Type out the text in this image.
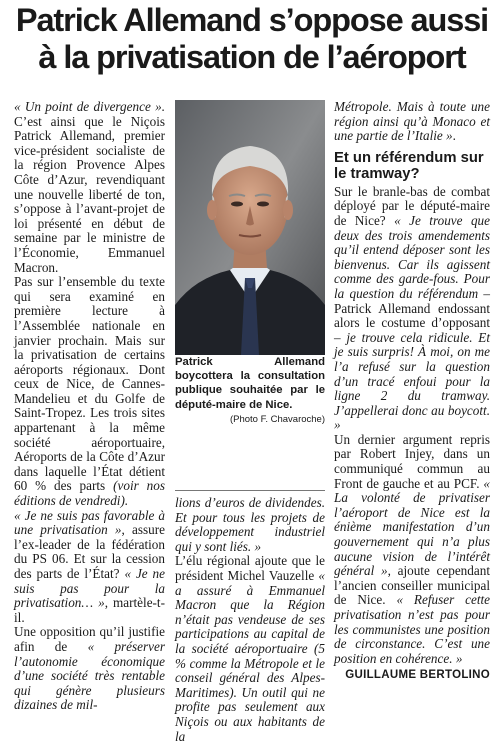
Patrick Allemand s’oppose aussi
à la privatisation de l’aéroport

« Un point de divergence ». C’est ainsi que le Niçois Patrick Allemand, premier vice-président socialiste de la région Provence Alpes Côte d’Azur, revendiquant une nouvelle liberté de ton, s’oppose à l’avant-projet de loi présenté en début de semaine par le ministre de l’Économie, Emmanuel Macron.

Pas sur l’ensemble du texte qui sera examiné en première lecture à l’Assemblée nationale en janvier prochain. Mais sur la privatisation de certains aéroports régionaux. Dont ceux de Nice, de Cannes-Mandelieu et du Golfe de Saint-Tropez. Les trois sites appartenant à la même société aéroportuaire, Aéroports de la Côte d’Azur dans laquelle l’État détient 60 % des parts (voir nos éditions de vendredi).

« Je ne suis pas favorable à une privatisation », assure l’ex-leader de la fédération du PS 06. Et sur la cession des parts de l’État? « Je ne suis pas pour la privatisation… », martèle-t-il.

Une opposition qu’il justifie afin de « préserver l’autonomie économique d’une société très rentable qui génère plusieurs dizaines de mil-

Patrick Allemand boycottera la consultation publique souhaitée par le député-maire de Nice.

(Photo F. Chavaroche)

lions d’euros de dividendes. Et pour tous les projets de développement industriel qui y sont liés. »

L’élu régional ajoute que le président Michel Vauzelle « a assuré à Emmanuel Macron que la Région n’était pas vendeuse de ses participations au capital de la société aéroportuaire (5 % comme la Métropole et le conseil général des Alpes-Maritimes). Un outil qui ne profite pas seulement aux Niçois ou aux habitants de la

Métropole. Mais à toute une région ainsi qu’à Monaco et une partie de l’Italie ».

Et un référendum sur le tramway?

Sur le branle-bas de combat déployé par le député-maire de Nice? « Je trouve que deux des trois amendements qu’il entend déposer sont les bienvenus. Car ils agissent comme des garde-fous. Pour la question du référendum – Patrick Allemand endossant alors le costume d’opposant – je trouve cela ridicule. Et je suis surpris! À moi, on me l’a refusé sur la question d’un tracé enfoui pour la ligne 2 du tramway. J’appellerai donc au boycott. »

Un dernier argument repris par Robert Injey, dans un communiqué commun au Front de gauche et au PCF. « La volonté de privatiser l’aéroport de Nice est la énième manifestation d’un gouvernement qui n’a plus aucune vision de l’intérêt général », ajoute cependant l’ancien conseiller municipal de Nice. « Refuser cette privatisation n’est pas pour les communistes une position de circonstance. C’est une position en cohérence. »

GUILLAUME BERTOLINO
